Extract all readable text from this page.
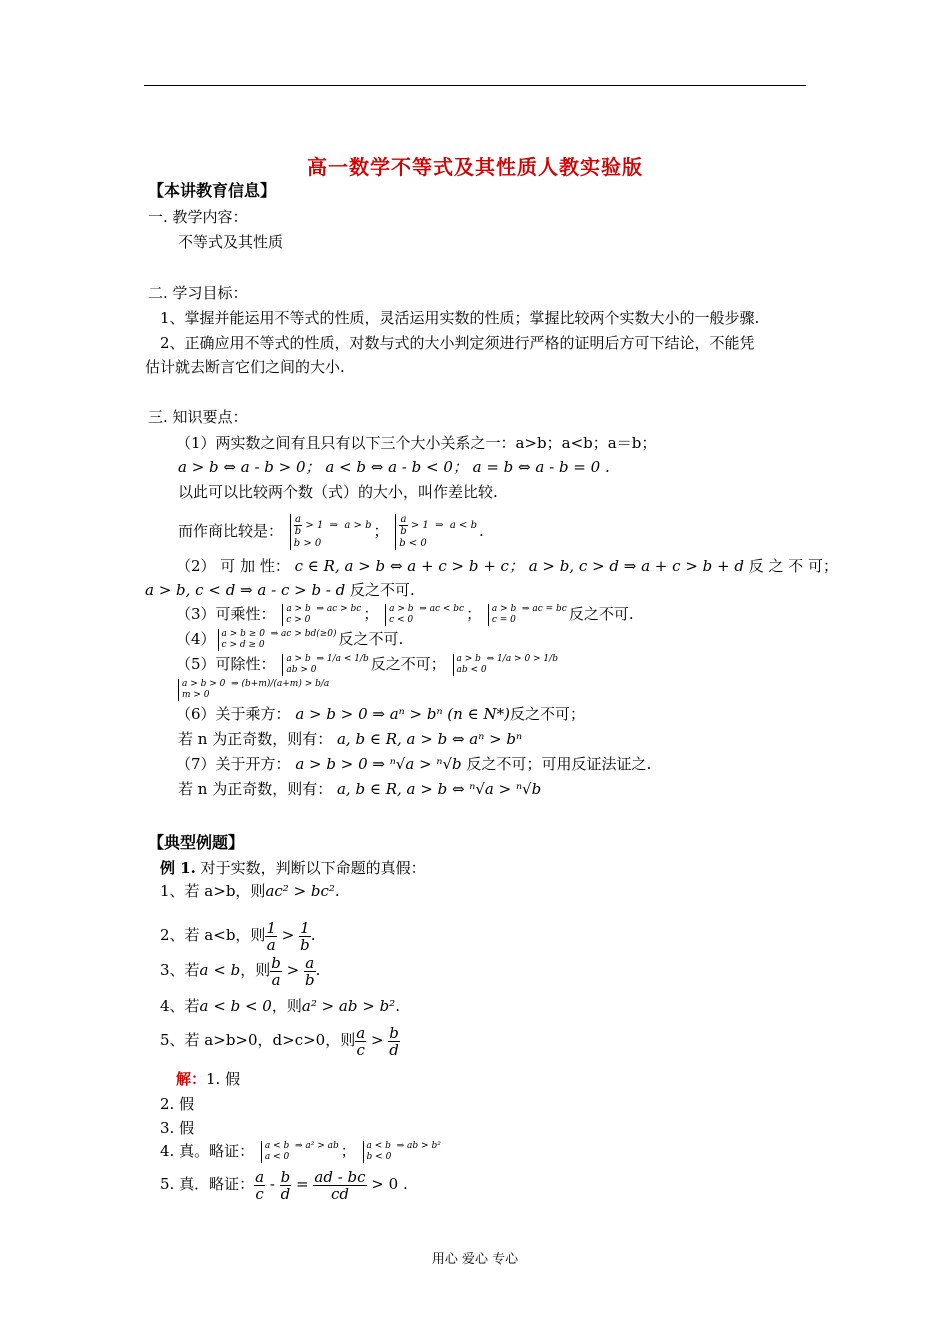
高一数学不等式及其性质人教实验版
【本讲教育信息】
一. 教学内容：
不等式及其性质
二. 学习目标：
1、掌握并能运用不等式的性质，灵活运用实数的性质；掌握比较两个实数大小的一般步骤.
2、正确应用不等式的性质，对数与式的大小判定须进行严格的证明后方可下结论，不能凭
估计就去断言它们之间的大小.
三. 知识要点：
（1）两实数之间有且只有以下三个大小关系之一：a>b；a<b；a＝b；
a > b ⇔ a - b > 0； a < b ⇔ a - b < 0； a = b ⇔ a - b = 0 .
以此可以比较两个数（式）的大小，叫作差比较.
而作商比较是： $\frac{a}{b} > 1$  ⇒  a > b
b > 0； $\frac{a}{b} > 1$  ⇒  a < b
b < 0.
（2） 可 加 性： c ∈ R, a > b ⇔ a + c > b + c； a > b, c > d ⇒ a + c > b + d 反 之 不 可；
a > b, c < d ⇒ a - c > b - d 反之不可.
（3）可乘性： a > b  ⇒ ac > bc
c > 0	； a > b  ⇒ ac < bc
c < 0	； a > b  ⇒ ac = bc
c = 0	反之不可.
（4） a > b ≥ 0  ⇒ ac > bd(≥0)
c > d ≥ 0	反之不可.
（5）可除性： a > b  ⇒ 1/a < 1/b
ab > 0	反之不可； a > b  ⇔ 1/a > 0 > 1/b
ab < 0
a > b > 0  ⇒ (b+m)/(a+m) > b/a
m > 0
（6）关于乘方： a > b > 0 ⇒ aⁿ > bⁿ (n ∈ N*)反之不可；
若 n 为正奇数，则有： a, b ∈ R, a > b ⇔ aⁿ > bⁿ
（7）关于开方： a > b > 0 ⇒ ⁿ√a > ⁿ√b 反之不可；可用反证法证之.
若 n 为正奇数，则有： a, b ∈ R, a > b ⇔ ⁿ√a > ⁿ√b
【典型例题】
例 1. 对于实数，判断以下命题的真假：
1、若 a>b，则ac² > bc².
2、若 a<b，则 $\frac{1}{a} > \frac{1}{b}$ .
3、若a < b，则 $\frac{b}{a} > \frac{a}{b}$ .
4、若a < b < 0，则a² > ab > b².
5、若 a>b>0，d>c>0，则 $\frac{a}{c} > \frac{b}{d}$
解：1. 假
2. 假
3. 假
4. 真。略证： a < b  ⇒ a² > ab
a < 0	； a < b  ⇒ ab > b²
b < 0
5. 真．略证： $\frac{a}{c} - \frac{b}{d} = \frac{ad - bc}{cd} > 0$ .
用心 爱心 专心
